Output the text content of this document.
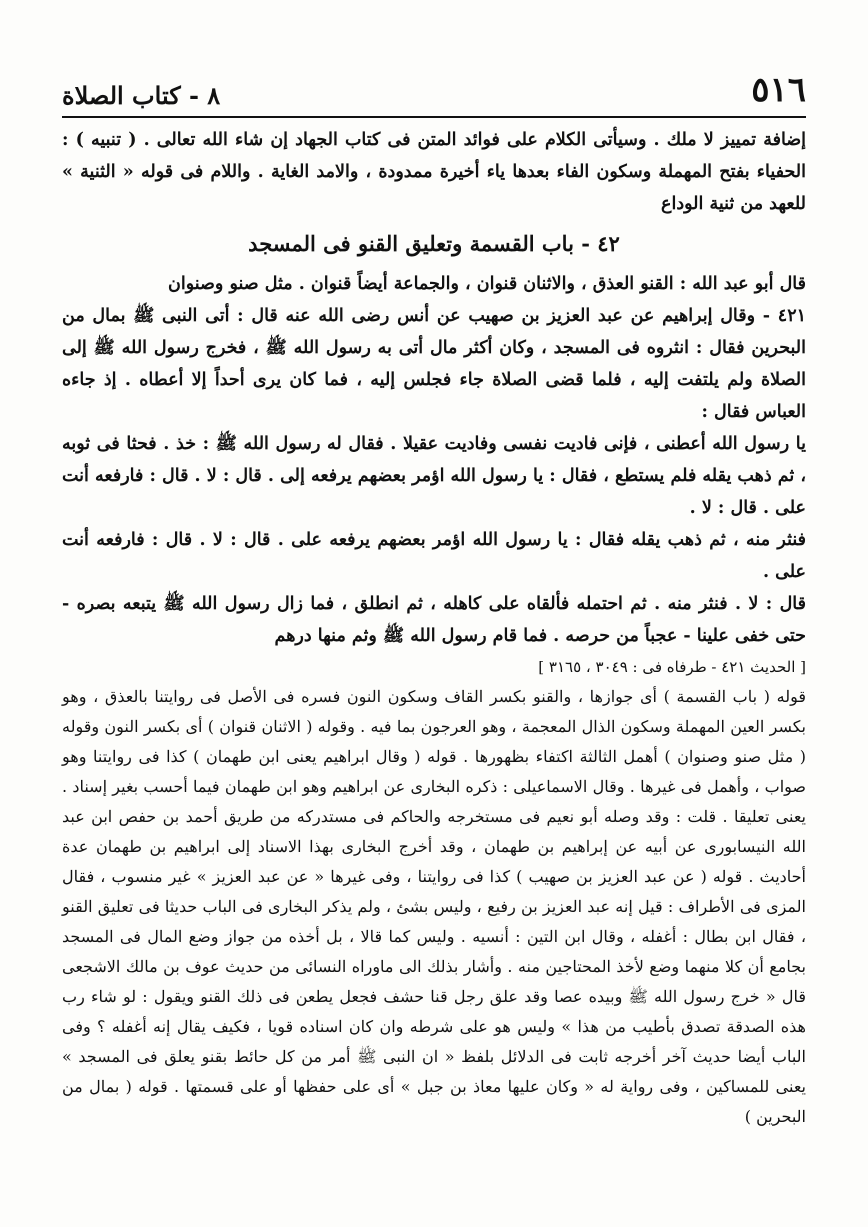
٥١٦
٨ - كتاب الصلاة

إضافة تمييز لا ملك . وسيأتى الكلام على فوائد المتن فى كتاب الجهاد إن شاء الله تعالى . ( تنبيه ) : الحفياء بفتح المهملة وسكون الفاء بعدها ياء أخيرة ممدودة ، والامد الغاية . واللام فى قوله « الثنية » للعهد من ثنية الوداع

٤٢ - باب القسمة وتعليق القنو فى المسجد

قال أبو عبد الله : القنو العذق ، والاثنان قنوان ، والجماعة أيضاً قنوان . مثل صنو وصنوان

٤٢١ - وقال إبراهيم عن عبد العزيز بن صهيب عن أنس رضى الله عنه قال : أتى النبى ﷺ بمال من البحرين فقال : انثروه فى المسجد ، وكان أكثر مال أتى به رسول الله ﷺ ، فخرج رسول الله ﷺ إلى الصلاة ولم يلتفت إليه ، فلما قضى الصلاة جاء فجلس إليه ، فما كان يرى أحداً إلا أعطاه . إذ جاءه العباس فقال :

يا رسول الله أعطنى ، فإنى فاديت نفسى وفاديت عقيلا . فقال له رسول الله ﷺ : خذ . فحثا فى ثوبه ، ثم ذهب يقله فلم يستطع ، فقال : يا رسول الله اؤمر بعضهم يرفعه إلى . قال : لا . قال : فارفعه أنت على . قال : لا .

فنثر منه ، ثم ذهب يقله فقال : يا رسول الله اؤمر بعضهم يرفعه على . قال : لا . قال : فارفعه أنت على .

قال : لا . فنثر منه . ثم احتمله فألقاه على كاهله ، ثم انطلق ، فما زال رسول الله ﷺ يتبعه بصره - حتى خفى علينا - عجباً من حرصه . فما قام رسول الله ﷺ وثم منها درهم

[ الحديث ٤٢١ - طرفاه فى : ٣٠٤٩ ، ٣١٦٥ ]

قوله ( باب القسمة ) أى جوازها ، والقنو بكسر القاف وسكون النون فسره فى الأصل فى روايتنا بالعذق ، وهو بكسر العين المهملة وسكون الذال المعجمة ، وهو العرجون بما فيه . وقوله ( الاثنان قنوان ) أى بكسر النون وقوله ( مثل صنو وصنوان ) أهمل الثالثة اكتفاء بظهورها . قوله ( وقال ابراهيم يعنى ابن طهمان ) كذا فى روايتنا وهو صواب ، وأهمل فى غيرها . وقال الاسماعيلى : ذكره البخارى عن ابراهيم وهو ابن طهمان فيما أحسب بغير إسناد . يعنى تعليقا . قلت : وقد وصله أبو نعيم فى مستخرجه والحاكم فى مستدركه من طريق أحمد بن حفص ابن عبد الله النيسابورى عن أبيه عن إبراهيم بن طهمان ، وقد أخرج البخارى بهذا الاسناد إلى ابراهيم بن طهمان عدة أحاديث . قوله ( عن عبد العزيز بن صهيب ) كذا فى روايتنا ، وفى غيرها « عن عبد العزيز » غير منسوب ، فقال المزى فى الأطراف : قيل إنه عبد العزيز بن رفيع ، وليس بشئ ، ولم يذكر البخارى فى الباب حديثا فى تعليق القنو ، فقال ابن بطال : أغفله ، وقال ابن التين : أنسيه . وليس كما قالا ، بل أخذه من جواز وضع المال فى المسجد بجامع أن كلا منهما وضع لأخذ المحتاجين منه . وأشار بذلك الى ماوراه النسائى من حديث عوف بن مالك الاشجعى قال « خرج رسول الله ﷺ وبيده عصا وقد علق رجل قنا حشف فجعل يطعن فى ذلك القنو ويقول : لو شاء رب هذه الصدقة تصدق بأطيب من هذا » وليس هو على شرطه وان كان اسناده قويا ، فكيف يقال إنه أغفله ؟ وفى الباب أيضا حديث آخر أخرجه ثابت فى الدلائل بلفظ « ان النبى ﷺ أمر من كل حائط بقنو يعلق فى المسجد » يعنى للمساكين ، وفى رواية له « وكان عليها معاذ بن جبل » أى على حفظها أو على قسمتها . قوله ( بمال من البحرين )
